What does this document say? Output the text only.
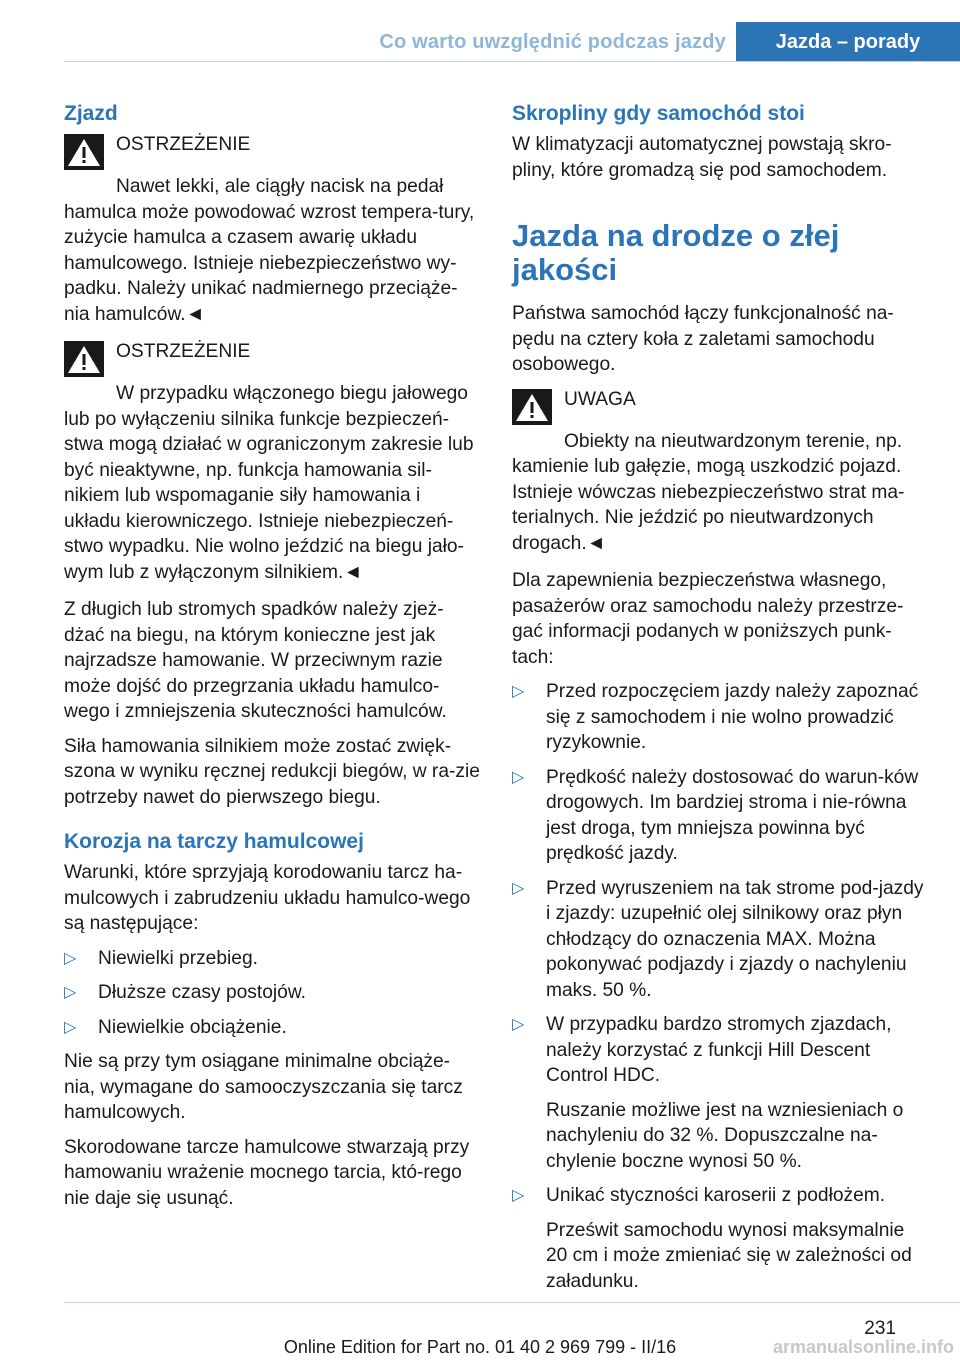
Co warto uwzględnić podczas jazdy	Jazda – porady
Zjazd
OSTRZEŻENIE

Nawet lekki, ale ciągły nacisk na pedał hamulca może powodować wzrost tempera-tury, zużycie hamulca a czasem awarię układu hamulcowego. Istnieje niebezpieczeństwo wy-padku. Należy unikać nadmiernego przeciąże-nia hamulców.◄

OSTRZEŻENIE

W przypadku włączonego biegu jałowego lub po wyłączeniu silnika funkcje bezpieczeń-stwa mogą działać w ograniczonym zakresie lub być nieaktywne, np. funkcja hamowania sil-nikiem lub wspomaganie siły hamowania i układu kierowniczego. Istnieje niebezpieczeń-stwo wypadku. Nie wolno jeździć na biegu jało-wym lub z wyłączonym silnikiem.◄

Z długich lub stromych spadków należy zjeż-dżać na biegu, na którym konieczne jest jak najrzadsze hamowanie. W przeciwnym razie może dojść do przegrzania układu hamulco-wego i zmniejszenia skuteczności hamulców.

Siła hamowania silnikiem może zostać zwięk-szona w wyniku ręcznej redukcji biegów, w ra-zie potrzeby nawet do pierwszego biegu.

Korozja na tarczy hamulcowej

Warunki, które sprzyjają korodowaniu tarcz ha-mulcowych i zabrudzeniu układu hamulco-wego są następujące:

▷ Niewielki przebieg.
▷ Dłuższe czasy postojów.
▷ Niewielkie obciążenie.

Nie są przy tym osiągane minimalne obciąże-nia, wymagane do samooczyszczania się tarcz hamulcowych.

Skorodowane tarcze hamulcowe stwarzają przy hamowaniu wrażenie mocnego tarcia, któ-rego nie daje się usunąć.

Skropliny gdy samochód stoi

W klimatyzacji automatycznej powstają skro-pliny, które gromadzą się pod samochodem.

Jazda na drodze o złej jakości

Państwa samochód łączy funkcjonalność na-pędu na cztery koła z zaletami samochodu osobowego.

UWAGA

Obiekty na nieutwardzonym terenie, np. kamienie lub gałęzie, mogą uszkodzić pojazd. Istnieje wówczas niebezpieczeństwo strat ma-terialnych. Nie jeździć po nieutwardzonych drogach.◄

Dla zapewnienia bezpieczeństwa własnego, pasażerów oraz samochodu należy przestrze-gać informacji podanych w poniższych punk-tach:

▷ Przed rozpoczęciem jazdy należy zapoznać się z samochodem i nie wolno prowadzić ryzykownie.
▷ Prędkość należy dostosować do warun-ków drogowych. Im bardziej stroma i nie-równa jest droga, tym mniejsza powinna być prędkość jazdy.
▷ Przed wyruszeniem na tak strome pod-jazdy i zjazdy: uzupełnić olej silnikowy oraz płyn chłodzący do oznaczenia MAX. Można pokonywać podjazdy i zjazdy o nachyleniu maks. 50 %.
▷ W przypadku bardzo stromych zjazdach, należy korzystać z funkcji Hill Descent Control HDC.
Ruszanie możliwe jest na wzniesieniach o nachyleniu do 32 %. Dopuszczalne na-chylenie boczne wynosi 50 %.
▷ Unikać styczności karoserii z podłożem.
Prześwit samochodu wynosi maksymalnie 20 cm i może zmieniać się w zależności od załadunku.
231
Online Edition for Part no. 01 40 2 969 799 - II/16	armanualsonline.info
